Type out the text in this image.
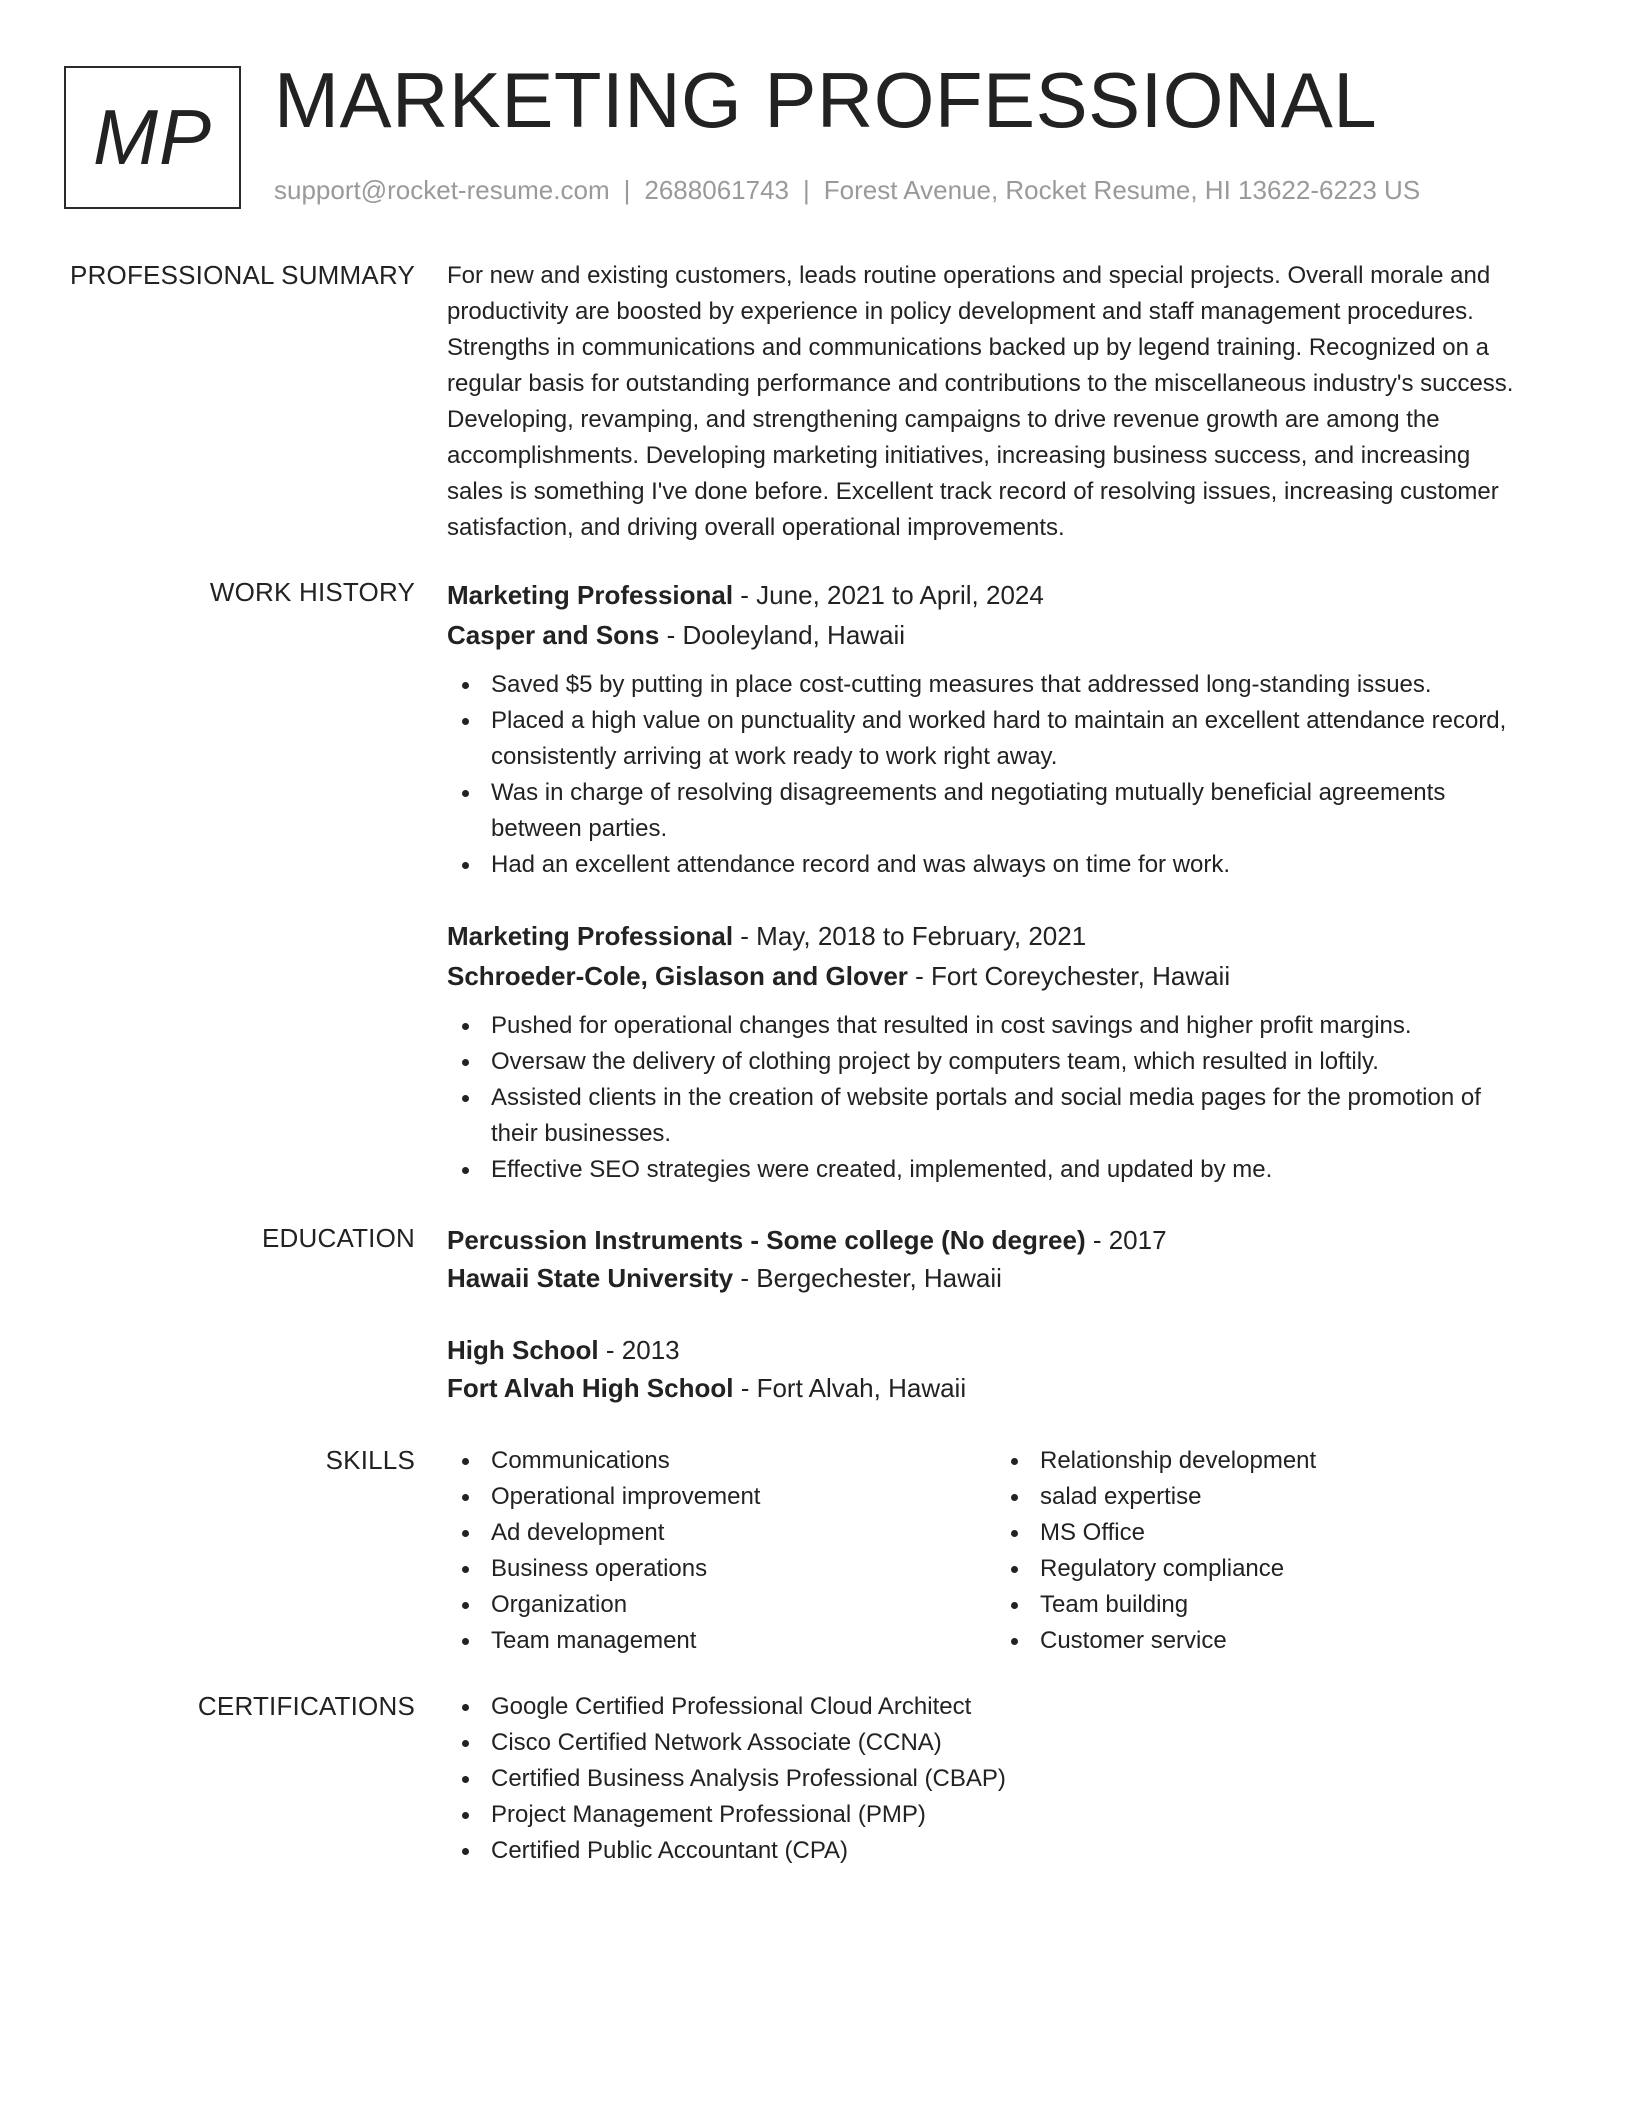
MP MARKETING PROFESSIONAL
support@rocket-resume.com | 2688061743 | Forest Avenue, Rocket Resume, HI 13622-6223 US
PROFESSIONAL SUMMARY For new and existing customers, leads routine operations and special projects. Overall morale and
productivity are boosted by experience in policy development and staff management procedures.
Strengths in communications and communications backed up by legend training. Recognized on a
regular basis for outstanding performance and contributions to the miscellaneous industry's success.
Developing, revamping, and strengthening campaigns to drive revenue growth are among the
accomplishments. Developing marketing initiatives, increasing business success, and increasing
sales is something I've done before. Excellent track record of resolving issues, increasing customer
satisfaction, and driving overall operational improvements.
WORK HISTORY Marketing Professional - June, 2021 to April, 2024
Casper and Sons - Dooleyland, Hawaii
Saved $5 by putting in place cost-cutting measures that addressed long-standing issues.
Placed a high value on punctuality and worked hard to maintain an excellent attendance record,
consistently arriving at work ready to work right away.
Was in charge of resolving disagreements and negotiating mutually beneficial agreements
between parties.
Had an excellent attendance record and was always on time for work.
Marketing Professional - May, 2018 to February, 2021
Schroeder-Cole, Gislason and Glover - Fort Coreychester, Hawaii
Pushed for operational changes that resulted in cost savings and higher profit margins.
Oversaw the delivery of clothing project by computers team, which resulted in loftily.
Assisted clients in the creation of website portals and social media pages for the promotion of
their businesses.
Effective SEO strategies were created, implemented, and updated by me.
EDUCATION Percussion Instruments - Some college (No degree) - 2017
Hawaii State University - Bergechester, Hawaii
High School - 2013
Fort Alvah High School - Fort Alvah, Hawaii
SKILLS	Communications
Operational improvement
Ad development
Business operations
Organization
Team management
Relationship development
salad expertise
MS Office
Regulatory compliance
Team building
Customer service
CERTIFICATIONS	Google Certified Professional Cloud Architect
Cisco Certified Network Associate (CCNA)
Certified Business Analysis Professional (CBAP)
Project Management Professional (PMP)
Certified Public Accountant (CPA)
